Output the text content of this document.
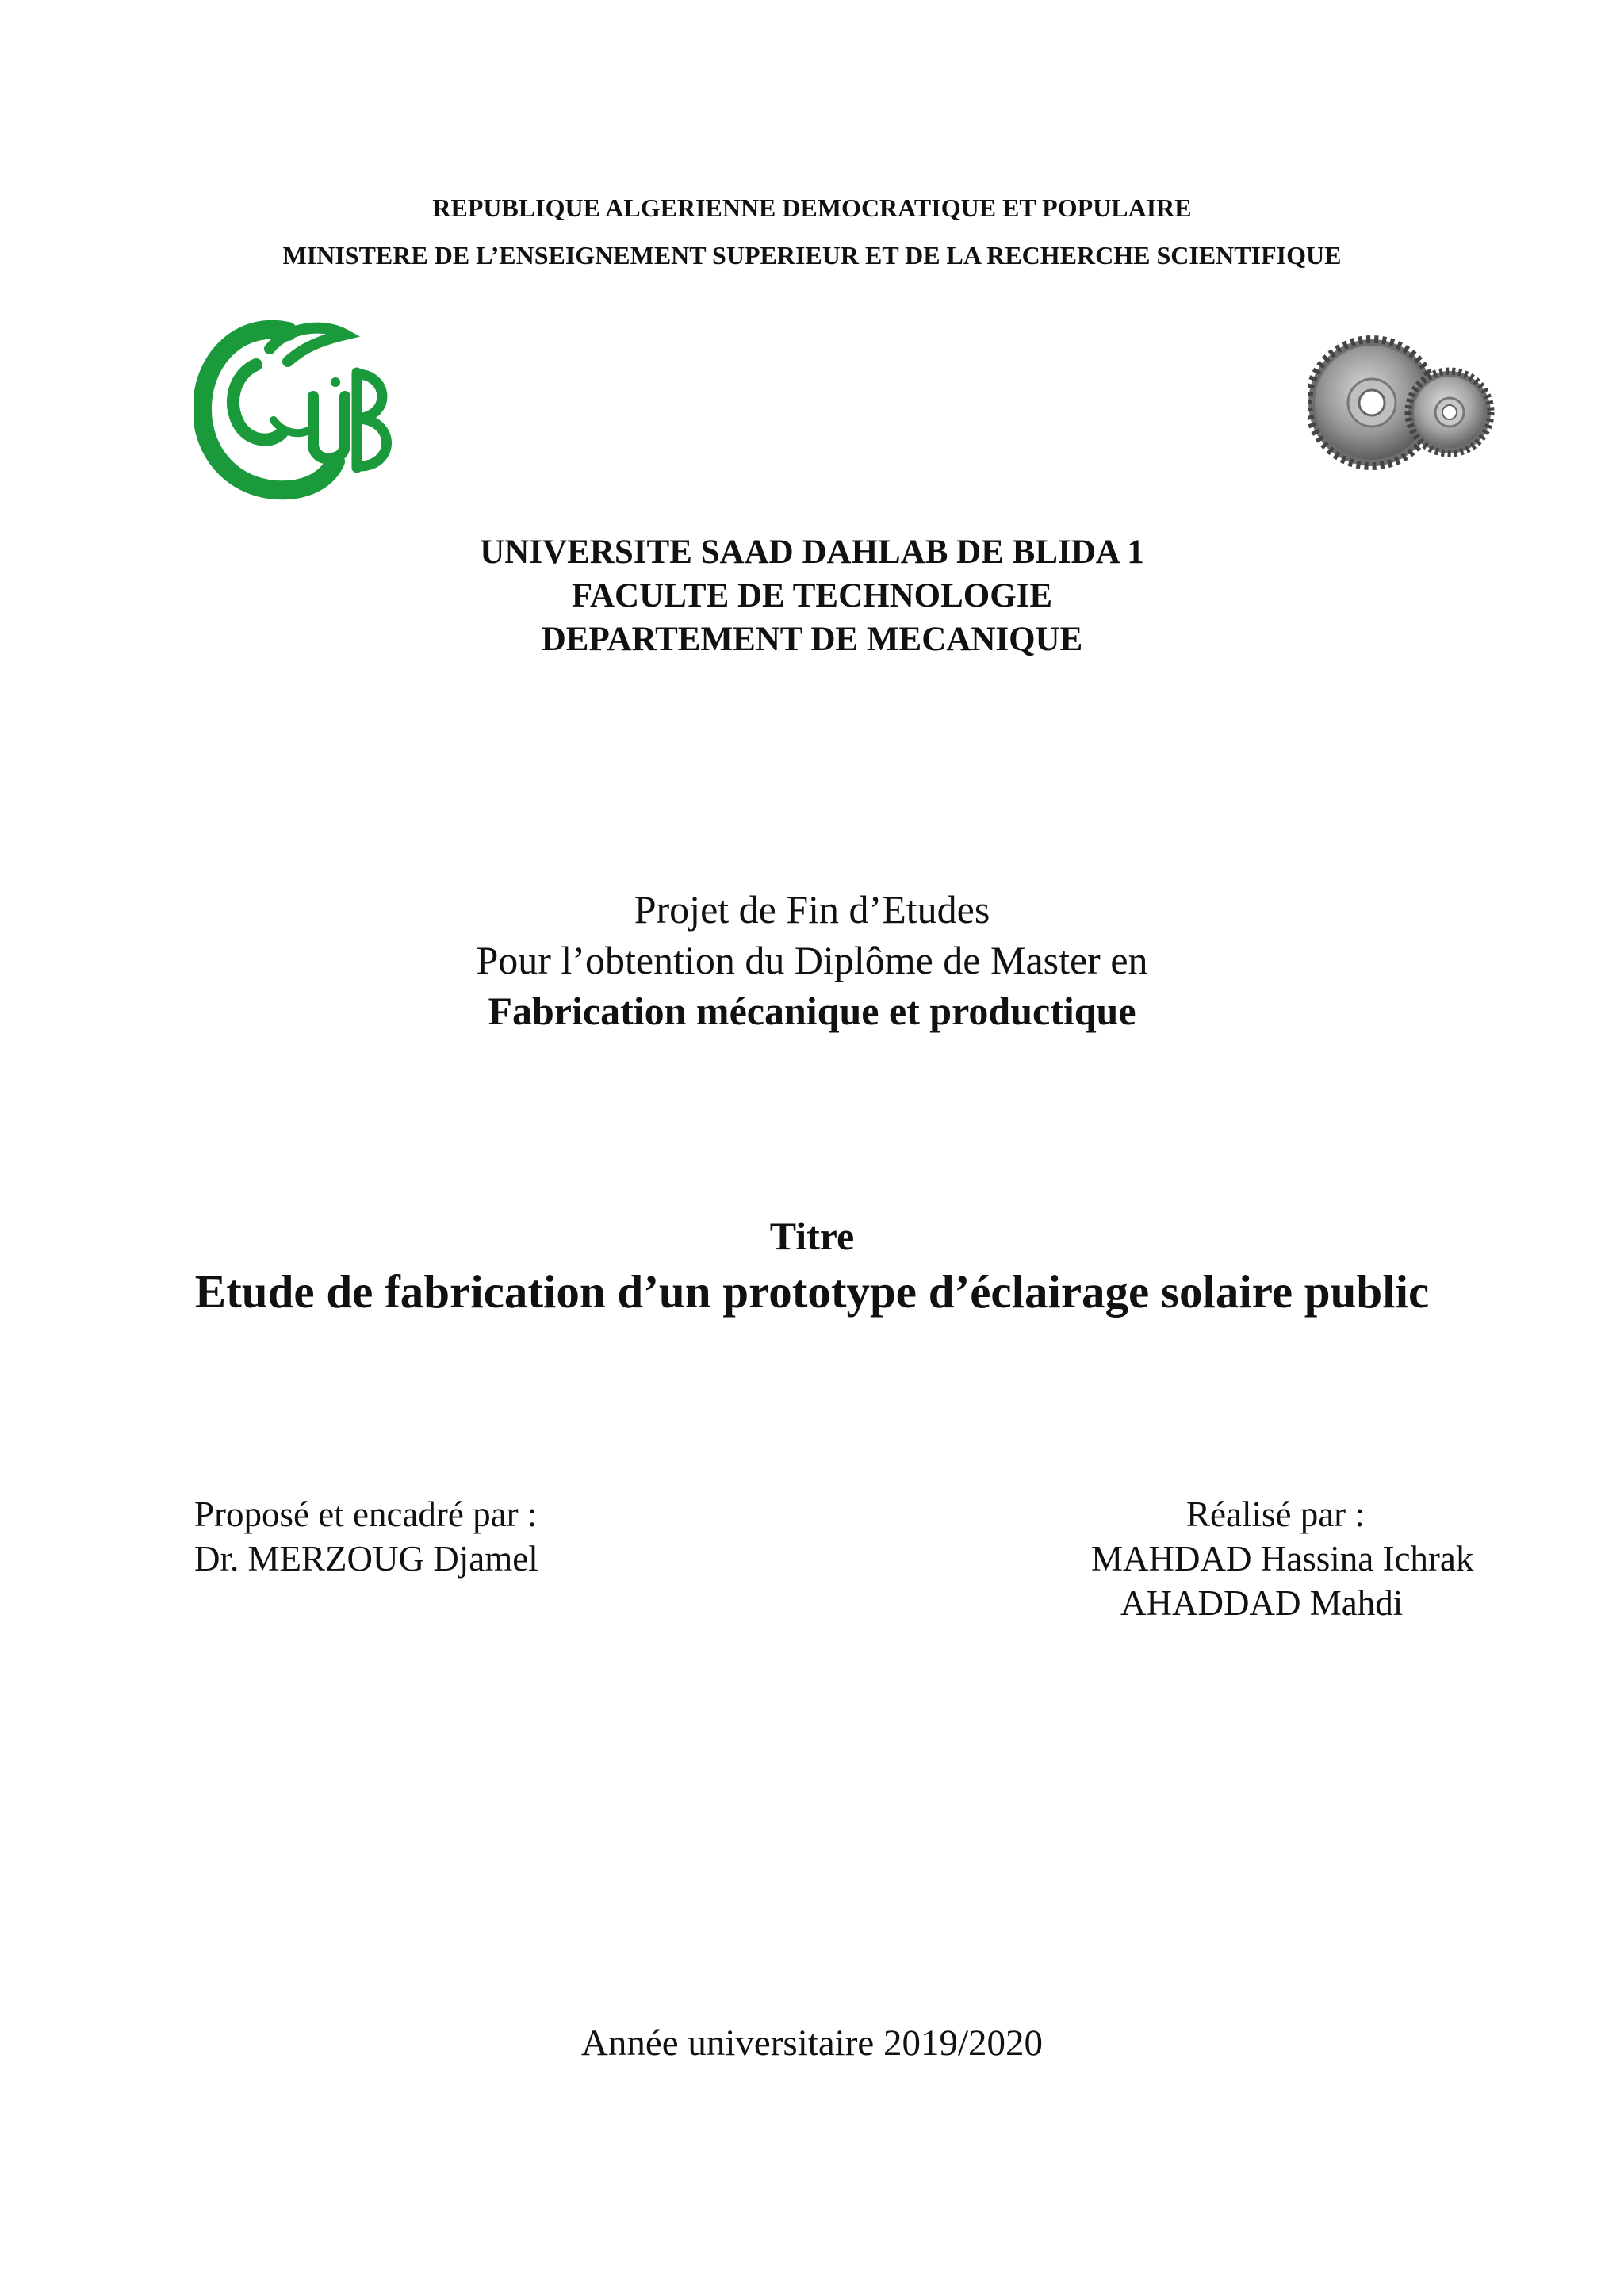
REPUBLIQUE ALGERIENNE DEMOCRATIQUE ET POPULAIRE
MINISTERE DE L’ENSEIGNEMENT SUPERIEUR ET DE LA RECHERCHE SCIENTIFIQUE
UNIVERSITE SAAD DAHLAB DE BLIDA 1
FACULTE DE TECHNOLOGIE
DEPARTEMENT DE MECANIQUE
Projet de Fin d’Etudes
Pour l’obtention du Diplôme de Master en
Fabrication mécanique et productique
Titre
Etude de fabrication d’un prototype d’éclairage solaire public
Proposé et encadré par :
Dr. MERZOUG Djamel
Réalisé par :
MAHDAD Hassina Ichrak
AHADDAD Mahdi
Année universitaire 2019/2020
